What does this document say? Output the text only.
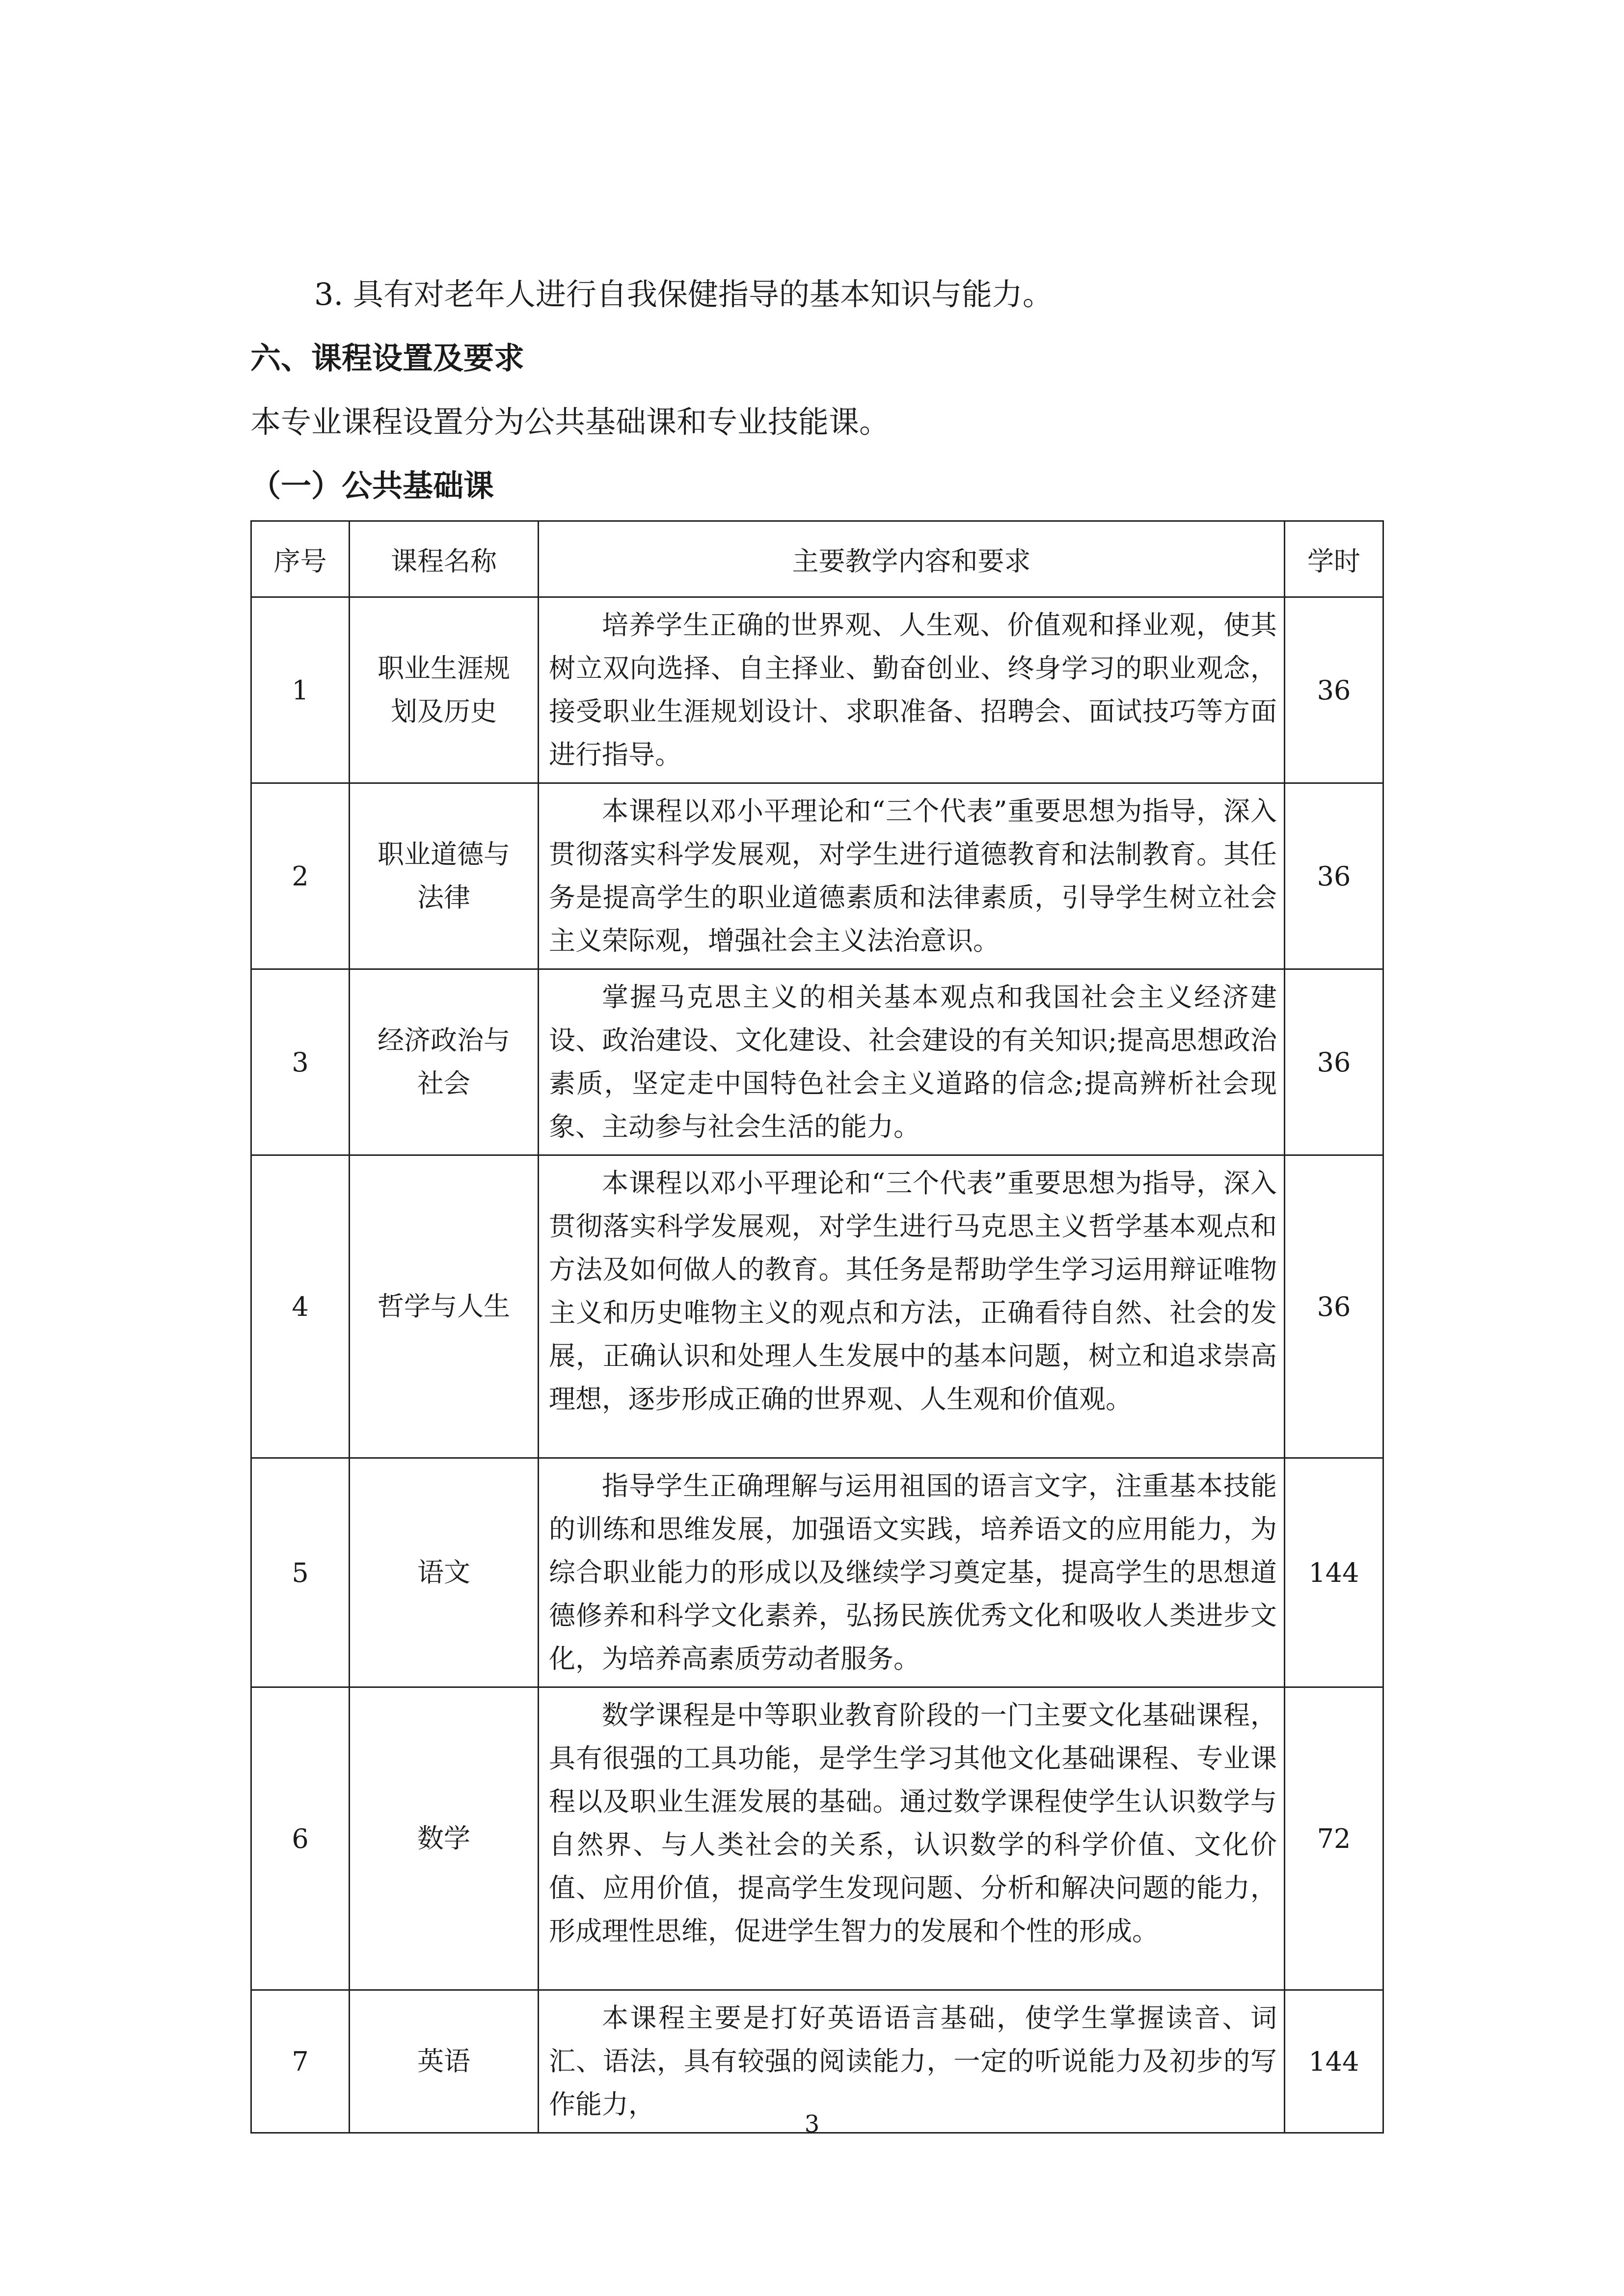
3. 具有对老年人进行自我保健指导的基本知识与能力。
六、课程设置及要求
本专业课程设置分为公共基础课和专业技能课。
（一）公共基础课
序号	课程名称	主要教学内容和要求	学时
1	职业生涯规划及历史	培养学生正确的世界观、人生观、价值观和择业观，使其树立双向选择、自主择业、勤奋创业、终身学习的职业观念，接受职业生涯规划设计、求职准备、招聘会、面试技巧等方面进行指导。	36
2	职业道德与法律	本课程以邓小平理论和“三个代表”重要思想为指导，深入贯彻落实科学发展观，对学生进行道德教育和法制教育。其任务是提高学生的职业道德素质和法律素质，引导学生树立社会主义荣际观，增强社会主义法治意识。	36
3	经济政治与社会	掌握马克思主义的相关基本观点和我国社会主义经济建设、政治建设、文化建设、社会建设的有关知识;提高思想政治素质，坚定走中国特色社会主义道路的信念;提高辨析社会现象、主动参与社会生活的能力。	36
4	哲学与人生	本课程以邓小平理论和“三个代表”重要思想为指导，深入贯彻落实科学发展观，对学生进行马克思主义哲学基本观点和方法及如何做人的教育。其任务是帮助学生学习运用辩证唯物主义和历史唯物主义的观点和方法，正确看待自然、社会的发展，正确认识和处理人生发展中的基本问题，树立和追求崇高理想，逐步形成正确的世界观、人生观和价值观。	36
5	语文	指导学生正确理解与运用祖国的语言文字，注重基本技能的训练和思维发展，加强语文实践，培养语文的应用能力，为综合职业能力的形成以及继续学习奠定基，提高学生的思想道德修养和科学文化素养，弘扬民族优秀文化和吸收人类进步文化，为培养高素质劳动者服务。	144
6	数学	数学课程是中等职业教育阶段的一门主要文化基础课程，具有很强的工具功能，是学生学习其他文化基础课程、专业课程以及职业生涯发展的基础。通过数学课程使学生认识数学与自然界、与人类社会的关系，认识数学的科学价值、文化价值、应用价值，提高学生发现问题、分析和解决问题的能力，形成理性思维，促进学生智力的发展和个性的形成。	72
7	英语	本课程主要是打好英语语言基础，使学生掌握读音、词汇、语法，具有较强的阅读能力，一定的听说能力及初步的写作能力，	144
3
